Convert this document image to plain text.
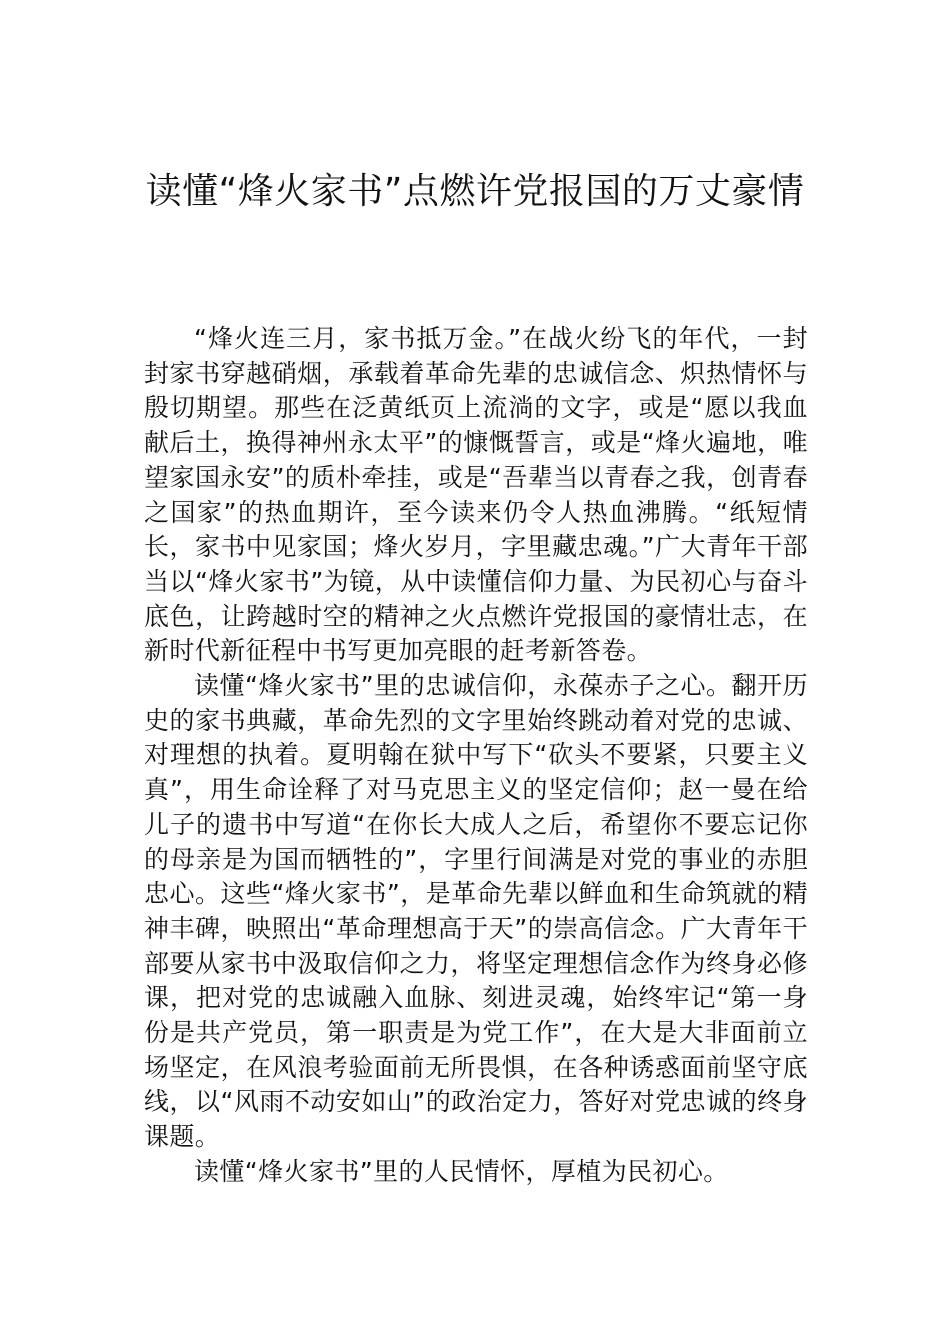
读懂“烽火家书”点燃许党报国的万丈豪情

“烽火连三月，家书抵万金。”在战火纷飞的年代，一封封家书穿越硝烟，承载着革命先辈的忠诚信念、炽热情怀与殷切期望。那些在泛黄纸页上流淌的文字，或是“愿以我血献后土，换得神州永太平”的慷慨誓言，或是“烽火遍地，唯望家国永安”的质朴牵挂，或是“吾辈当以青春之我，创青春之国家”的热血期许，至今读来仍令人热血沸腾。“纸短情长，家书中见家国；烽火岁月，字里藏忠魂。”广大青年干部当以“烽火家书”为镜，从中读懂信仰力量、为民初心与奋斗底色，让跨越时空的精神之火点燃许党报国的豪情壮志，在新时代新征程中书写更加亮眼的赶考新答卷。

读懂“烽火家书”里的忠诚信仰，永葆赤子之心。翻开历史的家书典藏，革命先烈的文字里始终跳动着对党的忠诚、对理想的执着。夏明翰在狱中写下“砍头不要紧，只要主义真”，用生命诠释了对马克思主义的坚定信仰；赵一曼在给儿子的遗书中写道“在你长大成人之后，希望你不要忘记你的母亲是为国而牺牲的”，字里行间满是对党的事业的赤胆忠心。这些“烽火家书”，是革命先辈以鲜血和生命筑就的精神丰碑，映照出“革命理想高于天”的崇高信念。广大青年干部要从家书中汲取信仰之力，将坚定理想信念作为终身必修课，把对党的忠诚融入血脉、刻进灵魂，始终牢记“第一身份是共产党员，第一职责是为党工作”，在大是大非面前立场坚定，在风浪考验面前无所畏惧，在各种诱惑面前坚守底线，以“风雨不动安如山”的政治定力，答好对党忠诚的终身课题。

读懂“烽火家书”里的人民情怀，厚植为民初心。
